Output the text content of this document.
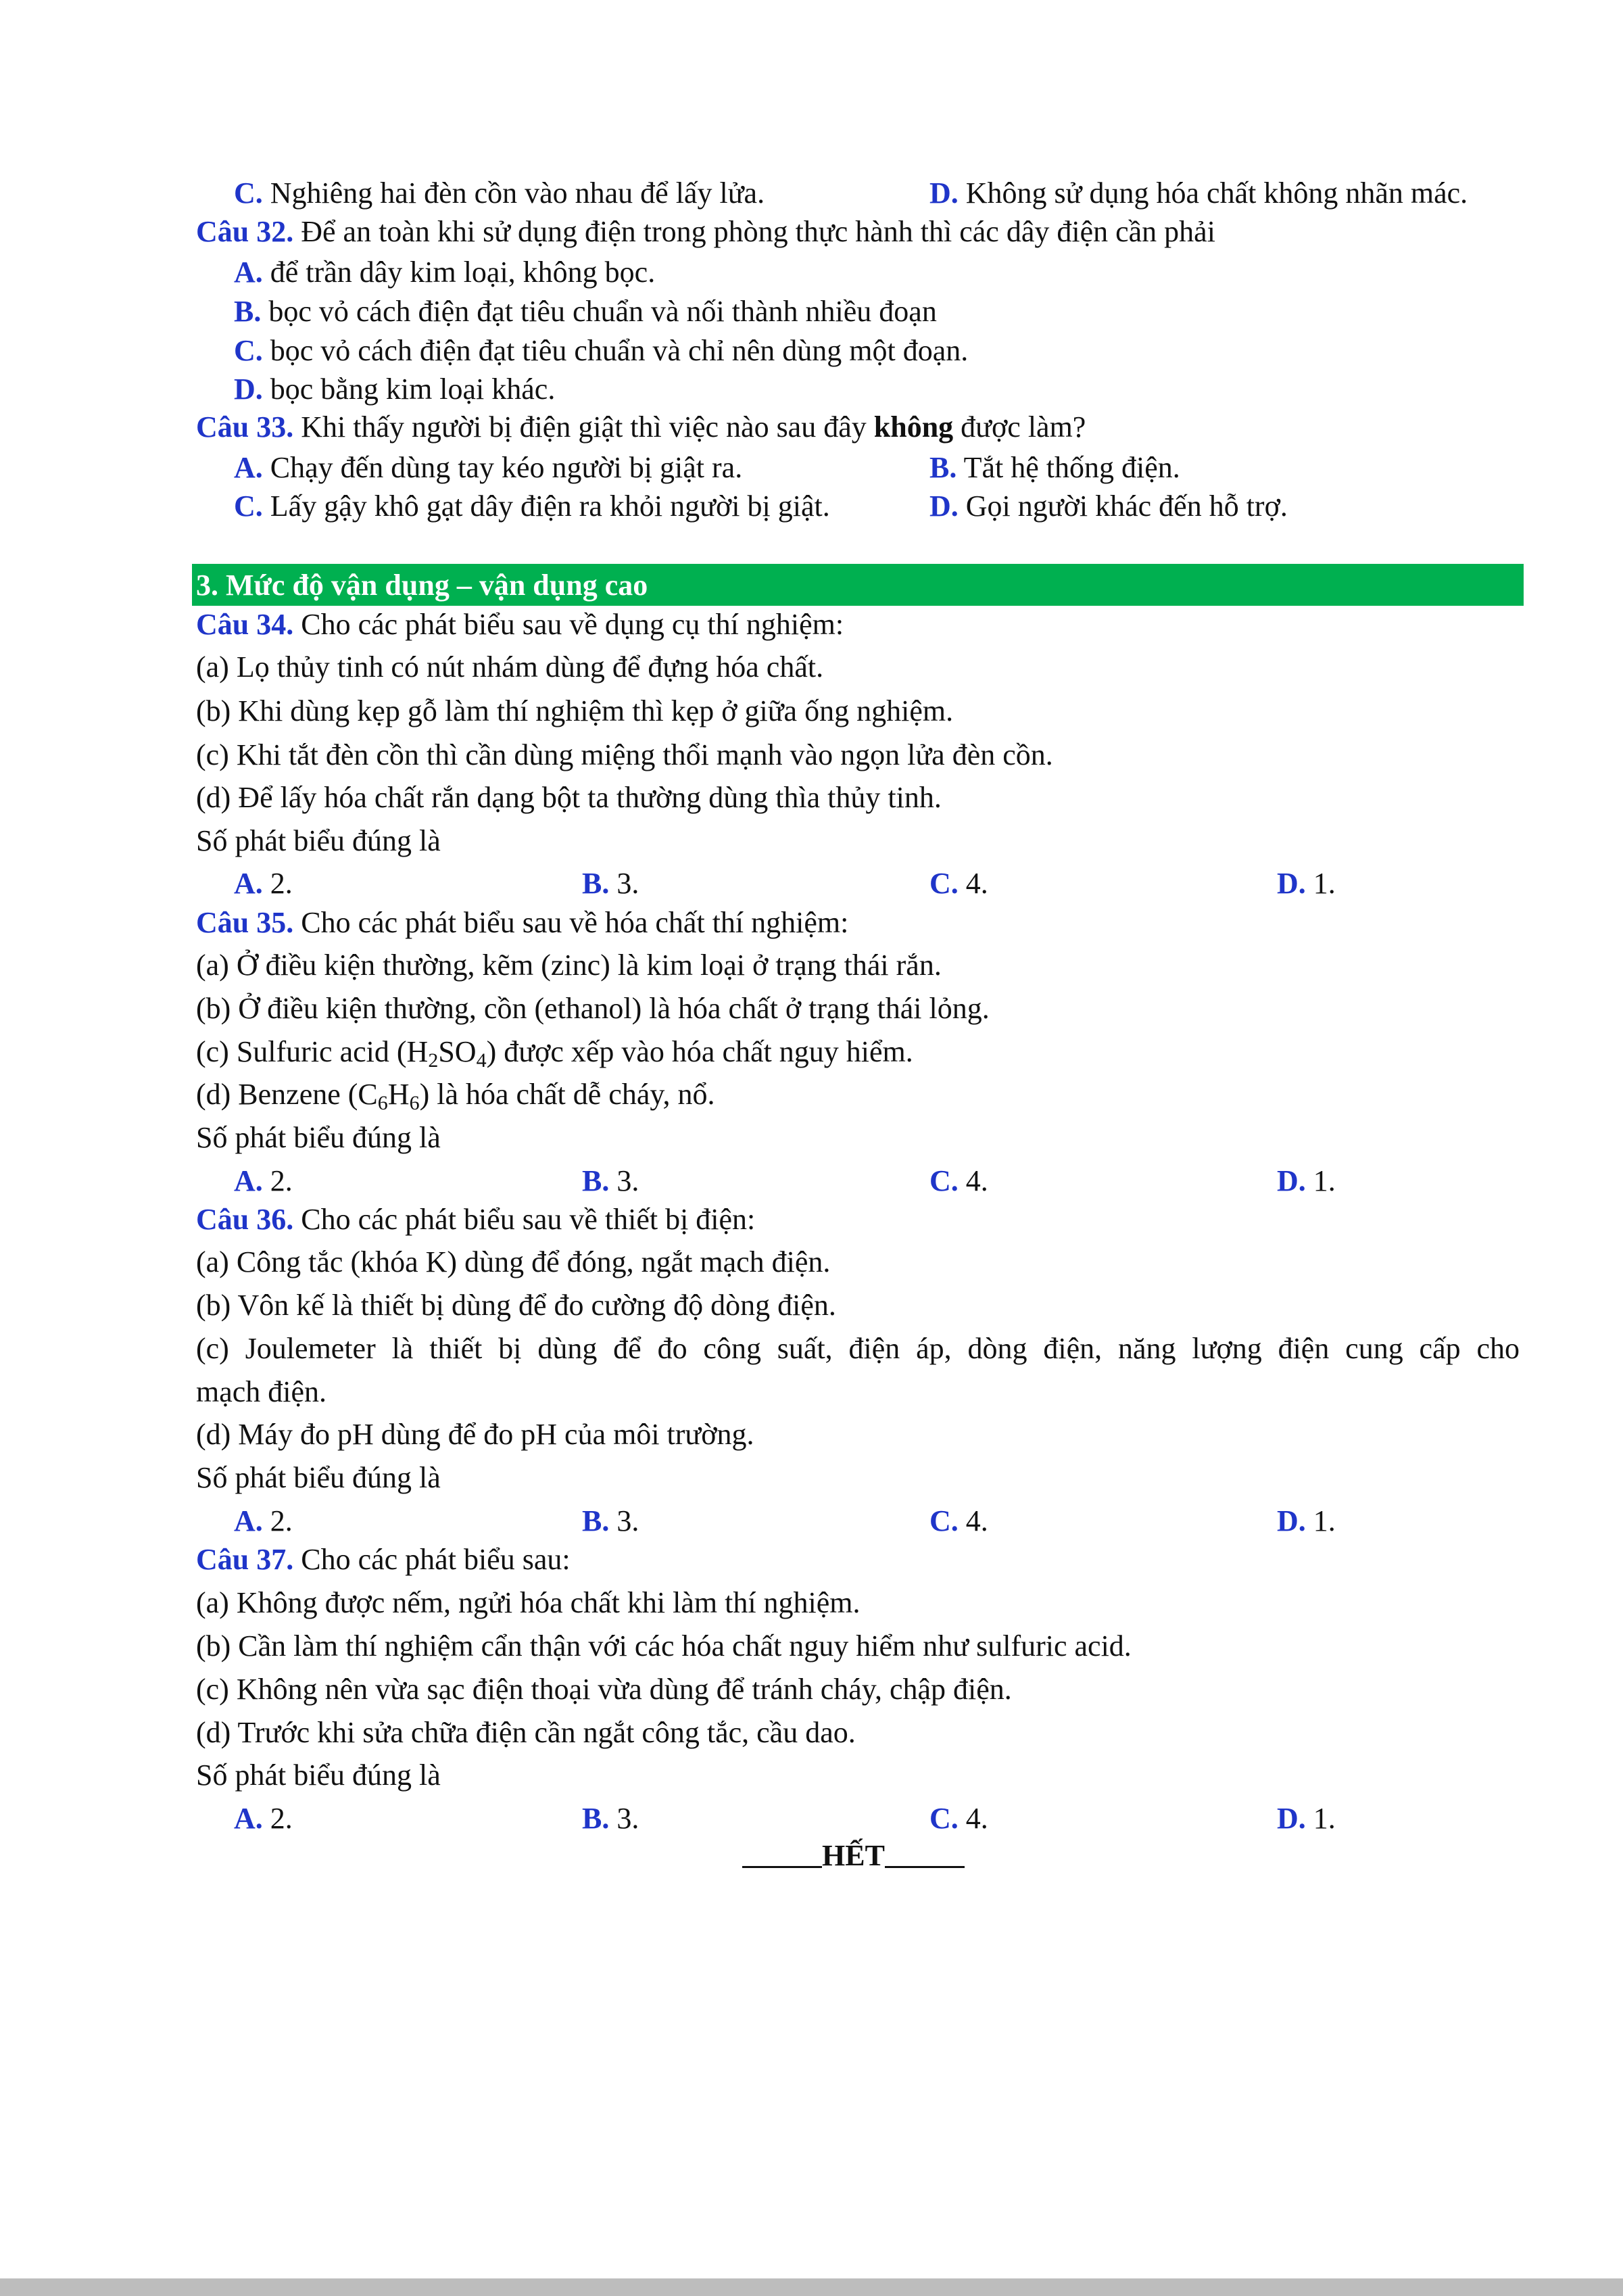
C. Nghiêng hai đèn cồn vào nhau để lấy lửa.	D. Không sử dụng hóa chất không nhãn mác.
Câu 32. Để an toàn khi sử dụng điện trong phòng thực hành thì các dây điện cần phải
A. để trần dây kim loại, không bọc.
B. bọc vỏ cách điện đạt tiêu chuẩn và nối thành nhiều đoạn
C. bọc vỏ cách điện đạt tiêu chuẩn và chỉ nên dùng một đoạn.
D. bọc bằng kim loại khác.
Câu 33. Khi thấy người bị điện giật thì việc nào sau đây không được làm?
A. Chạy đến dùng tay kéo người bị giật ra.	B. Tắt hệ thống điện.
C. Lấy gậy khô gạt dây điện ra khỏi người bị giật.	D. Gọi người khác đến hỗ trợ.
3. Mức độ vận dụng – vận dụng cao
Câu 34. Cho các phát biểu sau về dụng cụ thí nghiệm:
(a) Lọ thủy tinh có nút nhám dùng để đựng hóa chất.
(b) Khi dùng kẹp gỗ làm thí nghiệm thì kẹp ở giữa ống nghiệm.
(c) Khi tắt đèn cồn thì cần dùng miệng thổi mạnh vào ngọn lửa đèn cồn.
(d) Để lấy hóa chất rắn dạng bột ta thường dùng thìa thủy tinh.
Số phát biểu đúng là
A. 2.	B. 3.	C. 4.	D. 1.
Câu 35. Cho các phát biểu sau về hóa chất thí nghiệm:
(a) Ở điều kiện thường, kẽm (zinc) là kim loại ở trạng thái rắn.
(b) Ở điều kiện thường, cồn (ethanol) là hóa chất ở trạng thái lỏng.
(c) Sulfuric acid $(H_2SO_4)$ được xếp vào hóa chất nguy hiểm.
(d) Benzene $(C_6H_6)$ là hóa chất dễ cháy, nổ.
Số phát biểu đúng là
A. 2.	B. 3.	C. 4.	D. 1.
Câu 36. Cho các phát biểu sau về thiết bị điện:
(a) Công tắc (khóa K) dùng để đóng, ngắt mạch điện.
(b) Vôn kế là thiết bị dùng để đo cường độ dòng điện.
(c) Joulemeter là thiết bị dùng để đo công suất, điện áp, dòng điện, năng lượng điện cung cấp cho
mạch điện.
(d) Máy đo pH dùng để đo pH của môi trường.
Số phát biểu đúng là
A. 2.	B. 3.	C. 4.	D. 1.
Câu 37. Cho các phát biểu sau:
(a) Không được nếm, ngửi hóa chất khi làm thí nghiệm.
(b) Cần làm thí nghiệm cẩn thận với các hóa chất nguy hiểm như sulfuric acid.
(c) Không nên vừa sạc điện thoại vừa dùng để tránh cháy, chập điện.
(d) Trước khi sửa chữa điện cần ngắt công tắc, cầu dao.
Số phát biểu đúng là
A. 2.	B. 3.	C. 4.	D. 1.
HẾT
